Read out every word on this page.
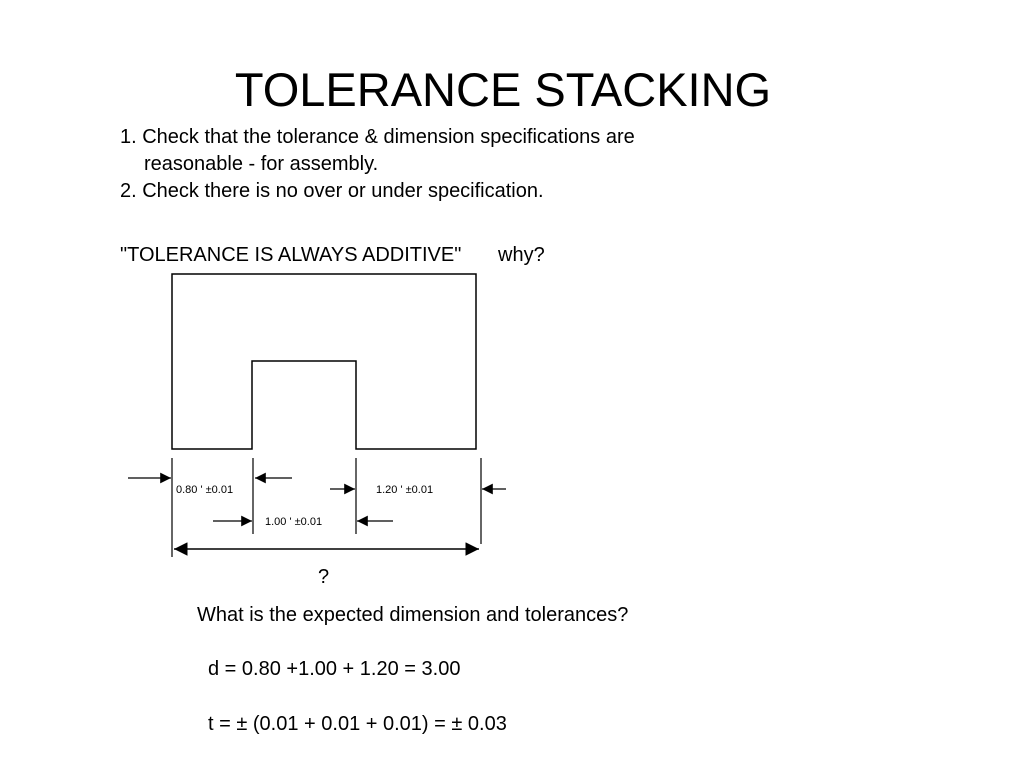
TOLERANCE STACKING
1. Check that the tolerance & dimension specifications are
reasonable - for assembly.
2. Check there is no over or under specification.
"TOLERANCE IS ALWAYS ADDITIVE" why?
0.80 ' ±0.01	1.20 ' ±0.01
1.00 ' ±0.01
?
What is the expected dimension and tolerances?
d = 0.80 +1.00 + 1.20 = 3.00
t = ± (0.01 + 0.01 + 0.01) = ± 0.03
